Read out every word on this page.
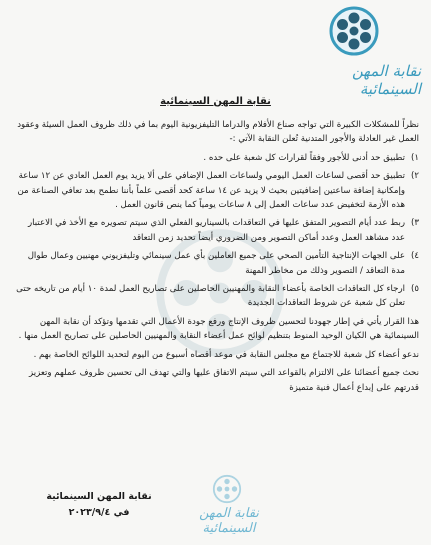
نقابة المهن السينمائية
نقابة المهن السينمائية

نظراً للمشكلات الكبيرة التي تواجه صناع الأفلام والدراما التليفزيونية اليوم بما في ذلك ظروف العمل السيئة وعقود العمل غير العادلة والأجور المتدنية تُعلن النقابة الآتي :-

١)
تطبيق حد أدنى للأجور وفقاً لقرارات كل شعبة على حده .
٢)
تطبيق حد أقصى لساعات العمل اليومي ولساعات العمل الإضافي على ألا يزيد يوم العمل العادي عن ١٢ ساعة وإمكانية إضافة ساعتين إضافيتين بحيث لا يزيد عن ١٤ ساعة كحد أقصى علماً بأننا نطمح بعد تعافي الصناعة من هذه الأزمة لتخفيض عدد ساعات العمل إلى ٨ ساعات يومياً كما ينص قانون العمل .
٣)
ربط عدد أيام التصوير المتفق عليها في التعاقدات بالسيناريو الفعلي الذي سيتم تصويره مع الأخذ في الاعتبار عدد مشاهد العمل وعدد أماكن التصوير ومن الضروري أيضاً تحديد زمن التعاقد
٤)
على الجهات الإنتاجية التأمين الصحي على جميع العاملين بأي عمل سينمائي وتليفزيوني مهنيين وعمال طوال مدة التعاقد / التصوير وذلك من مخاطر المهنة
٥)
ارجاء كل التعاقدات الخاصة بأعضاء النقابة والمهنيين الحاصلين على تصاريح العمل لمدة ١٠ أيام من تاريخه حتى تعلن كل شعبة عن شروط التعاقدات الجديدة

هذا القرار يأتي في إطار جهودنا لتحسين ظروف الإنتاج ورفع جودة الأعمال التي تقدمها وتؤكد أن نقابة المهن السينمائية هي الكيان الوحيد المنوط بتنظيم لوائح عمل أعضاء النقابة والمهنيين الحاصلين على تصاريح العمل منها .

ندعو أعضاء كل شعبة للاجتماع مع مجلس النقابة في موعد أقصاه أسبوع من اليوم لتحديد اللوائح الخاصة بهم .

نحث جميع أعضائنا على الالتزام بالقواعد التي سيتم الاتفاق عليها والتي تهدف الى تحسين ظروف عملهم وتعزيز قدرتهم على إبداع أعمال فنية متميزة

نقابة المهن السينمائية
نقابة المهن السينمائية
في ٢٠٢٣/٩/٤
